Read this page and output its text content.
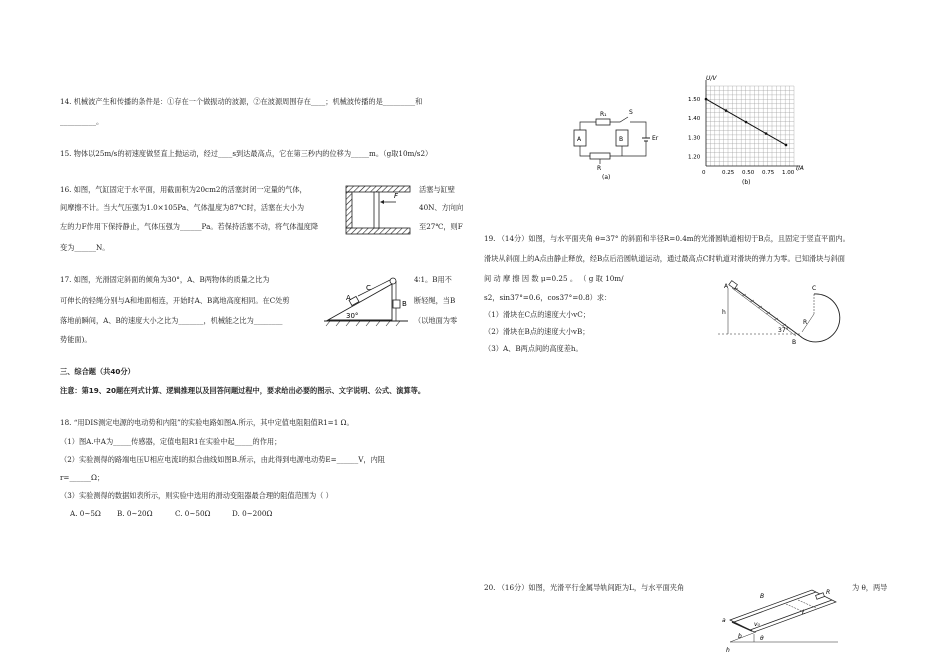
14. 机械波产生和传播的条件是：①存在一个做振动的波源，②在波源周围存在____；机械波传播的是_________和
__________。
15. 物体以25m/s的初速度做竖直上抛运动，经过____s到达最高点，它在第三秒内的位移为_____m。（g取10m/s2）
16. 如图，气缸固定于水平面，用截面积为20cm2的活塞封闭一定量的气体，
间摩擦不计。当大气压强为1.0×105Pa、气体温度为87℃时，活塞在大小为
左的力F作用下保持静止，气体压强为______Pa。若保持活塞不动，将气体温度降
变为______N。
活塞与缸壁
40N、方向向
至27℃，则F
F
17. 如图，光滑固定斜面的倾角为30°，A、B两物体的质量之比为
可伸长的轻绳分别与A和地面相连，开始时A、B离地高度相同。在C处剪
落地前瞬间，A、B的速度大小之比为_______，机械能之比为________
势能面)。
4∶1。B用不
断轻绳，当B
（以地面为零
A
C
B
30°
三、综合题（共40分）
注意：第19、20题在列式计算、逻辑推理以及回答问题过程中，要求给出必要的图示、文字说明、公式、演算等。
18. “用DIS测定电源的电动势和内阻”的实验电路如图A.所示，其中定值电阻阻值R1=1 Ω。
（1）图A.中A为_____传感器，定值电阻R1在实验中起_____的作用；
（2）实验测得的路端电压U相应电流I的拟合曲线如图B.所示，由此得到电源电动势E=______V，内阻
r=______Ω；
（3）实验测得的数据如表所示，则实验中选用的滑动变阻器最合理的阻值范围为（ ）
A. 0~5Ω B. 0~20Ω	C. 0~50Ω	D. 0~200Ω
A	B
R₁	S
Er
R
(a)
1.50
1.40
1.30
1.20
0	0.25 0.50 0.75 1.00
U/V
I/A
(b)
19. （14分）如图，与水平面夹角 θ=37° 的斜面和半径R=0.4m的光滑圆轨道相切于B点，且固定于竖直平面内。
滑块从斜面上的A点由静止释放，经B点后沿圆轨道运动，通过最高点C时轨道对滑块的弹力为零。已知滑块与斜面
间 动 摩 擦 因 数 μ=0.25 。 （ g 取 10m/
s2，sin37°=0.6，cos37°=0.8）求：
（1）滑块在C点的速度大小vC；
（2）滑块在B点的速度大小vB；
（3）A、B两点间的高度差h。
A
h
B
C
R
37°
20. （16分）如图，光滑平行金属导轨间距为L，与水平面夹角	为 θ，两导
B
R
L
a
b
v₀
h
θ
